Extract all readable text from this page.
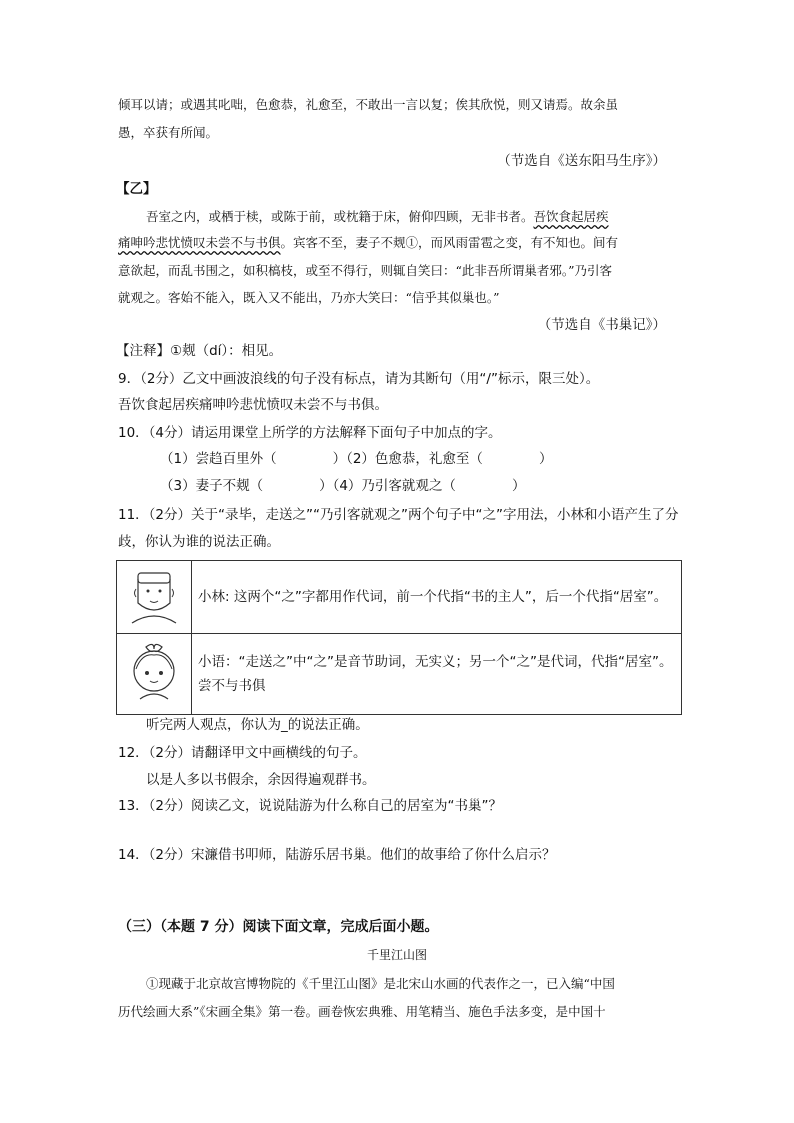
倾耳以请；或遇其叱咄，色愈恭，礼愈至，不敢出一言以复；俟其欣悦，则又请焉。故余虽
愚，卒获有所闻。
（节选自《送东阳马生序》）
【乙】
吾室之内，或栖于椟，或陈于前，或枕籍于床，俯仰四顾，无非书者。吾饮食起居疾
痛呻吟悲忧愤叹未尝不与书俱。宾客不至，妻子不觌①，而风雨雷雹之变，有不知也。间有
意欲起，而乱书围之，如积槁枝，或至不得行，则辄自笑曰：“此非吾所谓巢者邪。”乃引客
就观之。客始不能入，既入又不能出，乃亦大笑曰：“信乎其似巢也。”
（节选自《书巢记》）
【注释】①觌（dí）：相见。
9．（2分）乙文中画波浪线的句子没有标点，请为其断句（用“/”标示，限三处）。
吾饮食起居疾痛呻吟悲忧愤叹未尝不与书俱。
10．（4分）请运用课堂上所学的方法解释下面句子中加点的字。
（1）尝趋百里外（	）（2）色愈恭，礼愈至（	）
（3）妻子不觌（	）（4）乃引客就观之（	）
11．（2分）关于“录毕，走送之”“乃引客就观之”两个句子中“之”字用法，小林和小语产生了分
歧，你认为谁的说法正确。
	小林: 这两个“之”字都用作代词，前一个代指“书的主人”，后一个代指“居室”。

小语：“走送之”中“之”是音节助词，无实义；另一个“之”是代词，代指“居室”。
尝不与书俱
听完两人观点，你认为_的说法正确。
12．（2分）请翻译甲文中画横线的句子。
以是人多以书假余，余因得遍观群书。
13．（2分）阅读乙文，说说陆游为什么称自己的居室为“书巢”？
14．（2分）宋濂借书叩师，陆游乐居书巢。他们的故事给了你什么启示？
（三）（本题 7 分）阅读下面文章，完成后面小题。
千里江山图
①现藏于北京故宫博物院的《千里江山图》是北宋山水画的代表作之一，已入编“中国
历代绘画大系”《宋画全集》第一卷。画卷恢宏典雅、用笔精当、施色手法多变，是中国十
